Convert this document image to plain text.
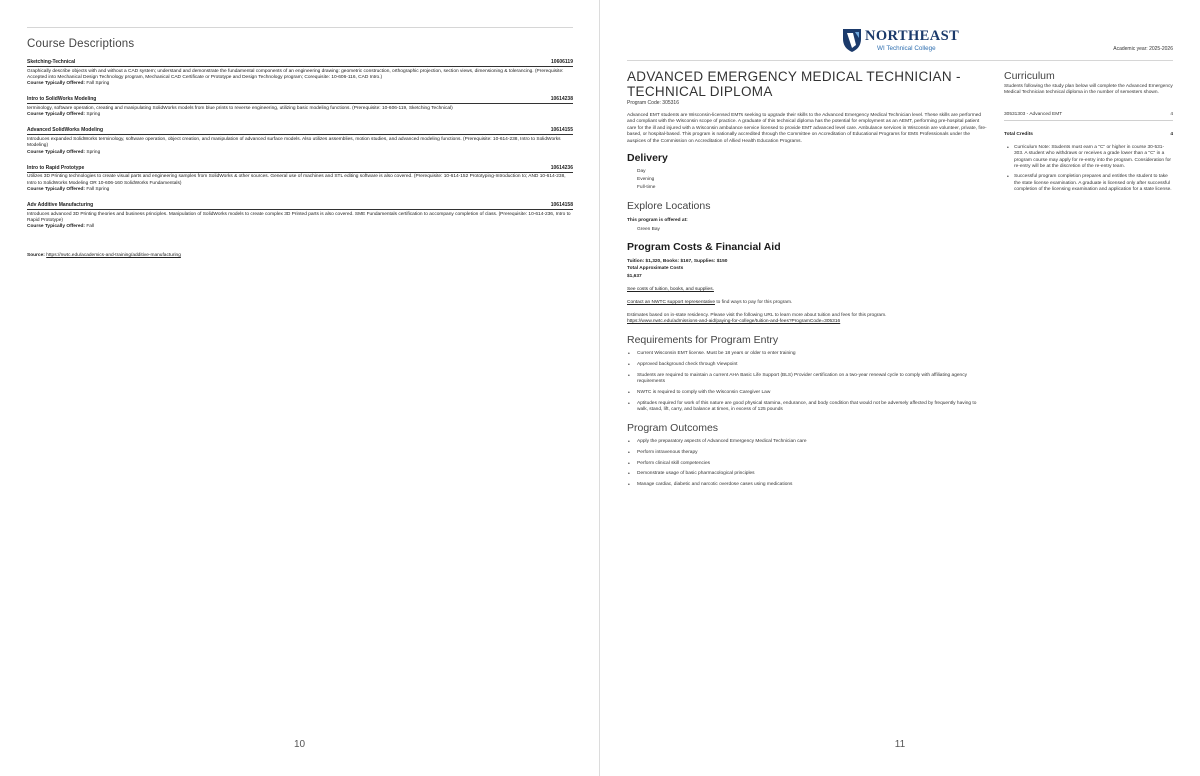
Course Descriptions
Sketching-Technical	10606119
Graphically describe objects with and without a CAD system; understand and demonstrate the fundamental components of an engineering drawing: geometric construction, orthographic projection, section views, dimensioning & tolerancing. (Prerequisite: Accepted into Mechanical Design Technology program, Mechanical CAD Certificate or Prototype and Design Technology program; Corequisite: 10-606-116, CAD Intro.)
Course Typically Offered: Fall Spring
Intro to SolidWorks Modeling	10614238
terminology, software operation, creating and manipulating SolidWorks models from blue prints to reverse engineering, utilizing basic modeling functions. (Prerequisite: 10-606-119, Sketching Technical)
Course Typically Offered: Spring
Advanced SolidWorks Modeling	10614155
Introduces expanded SolidWorks terminology, software operation, object creation, and manipulation of advanced surface models. Also utilizes assemblies, motion studies, and advanced modeling functions. (Prerequisite: 10-614-238, Intro to SolidWorks Modeling)
Course Typically Offered: Spring
Intro to Rapid Prototype	10614236
Utilizes 3D Printing technologies to create visual parts and engineering samples from SolidWorks & other sources. General use of machines and STL editing software is also covered. (Prerequisite: 10-614-152 Prototyping-Introduction to; AND 10-614-238, Intro to SolidWorks Modeling OR 10-606-160 SolidWorks Fundamentals)
Course Typically Offered: Fall Spring
Adv Additive Manufacturing	10614158
Introduces advanced 3D Printing theories and business principles. Manipulation of SolidWorks models to create complex 3D Printed parts is also covered. SME Fundamentals certification to accompany completion of class. (Prerequisite: 10-614-236, Intro to Rapid Prototype)
Course Typically Offered: Fall
Source: https://nwtc.edu/academics-and-training/additive-manufacturing
10
NORTHEAST
WI Technical College	Academic year: 2025-2026
ADVANCED EMERGENCY MEDICAL TECHNICIAN - TECHNICAL DIPLOMA
Program Code: 305316
Advanced EMT students are Wisconsin-licensed EMTs seeking to upgrade their skills to the Advanced Emergency Medical Technician level. These skills are performed and compliant with the Wisconsin scope of practice. A graduate of this technical diploma has the potential for employment as an AEMT, performing pre-hospital patient care for the ill and injured with a Wisconsin ambulance service licensed to provide EMT advanced level care. Ambulance services in Wisconsin are volunteer, private, fire-based, or hospital-based. This program is nationally accredited through the Committee on Accreditation of Educational Programs for EMS Professionals under the auspices of the Commission on Accreditation of Allied Health Education Programs.
Delivery
Day
Evening
Full-time
Explore Locations
This program is offered at:
Green Bay
Program Costs & Financial Aid
Tuition: $1,320, Books: $167, Supplies: $150
Total Approximate Costs
$1,637
See costs of tuition, books, and supplies.
Contact an NWTC support representative to find ways to pay for this program.
Estimates based on in-state residency. Please visit the following URL to learn more about tuition and fees for this program.
https://www.nwtc.edu/admissions-and-aid/paying-for-college/tuition-and-fees?ProgramCode=305316
Requirements for Program Entry
• Current Wisconsin EMT license. Must be 18 years or older to enter training
• Approved background check through Viewpoint
• Students are required to maintain a current AHA Basic Life Support (BLS) Provider certification on a two-year renewal cycle to comply with affiliating agency requirements
• NWTC is required to comply with the Wisconsin Caregiver Law
• Aptitudes required for work of this nature are good physical stamina, endurance, and body condition that would not be adversely affected by frequently having to walk, stand, lift, carry, and balance at times, in excess of 125 pounds
Program Outcomes
• Apply the preparatory aspects of Advanced Emergency Medical Technician care
• Perform intravenous therapy
• Perform clinical skill competencies
• Demonstrate usage of basic pharmacological principles
• Manage cardiac, diabetic and narcotic overdose cases using medications
Curriculum
Students following the study plan below will complete the Advanced Emergency Medical Technician technical diploma in the number of semesters shown.
30531303 - Advanced EMT	4
Total Credits	4
• Curriculum Note: Students must earn a "C" or higher in course 30-531-303. A student who withdraws or receives a grade lower than a "C" in a program course may apply for re-entry into the program. Consideration for re-entry will be at the discretion of the re-entry team.
• Successful program completion prepares and entitles the student to take the state license examination. A graduate is licensed only after successful completion of the licensing examination and application for a state license.
11
